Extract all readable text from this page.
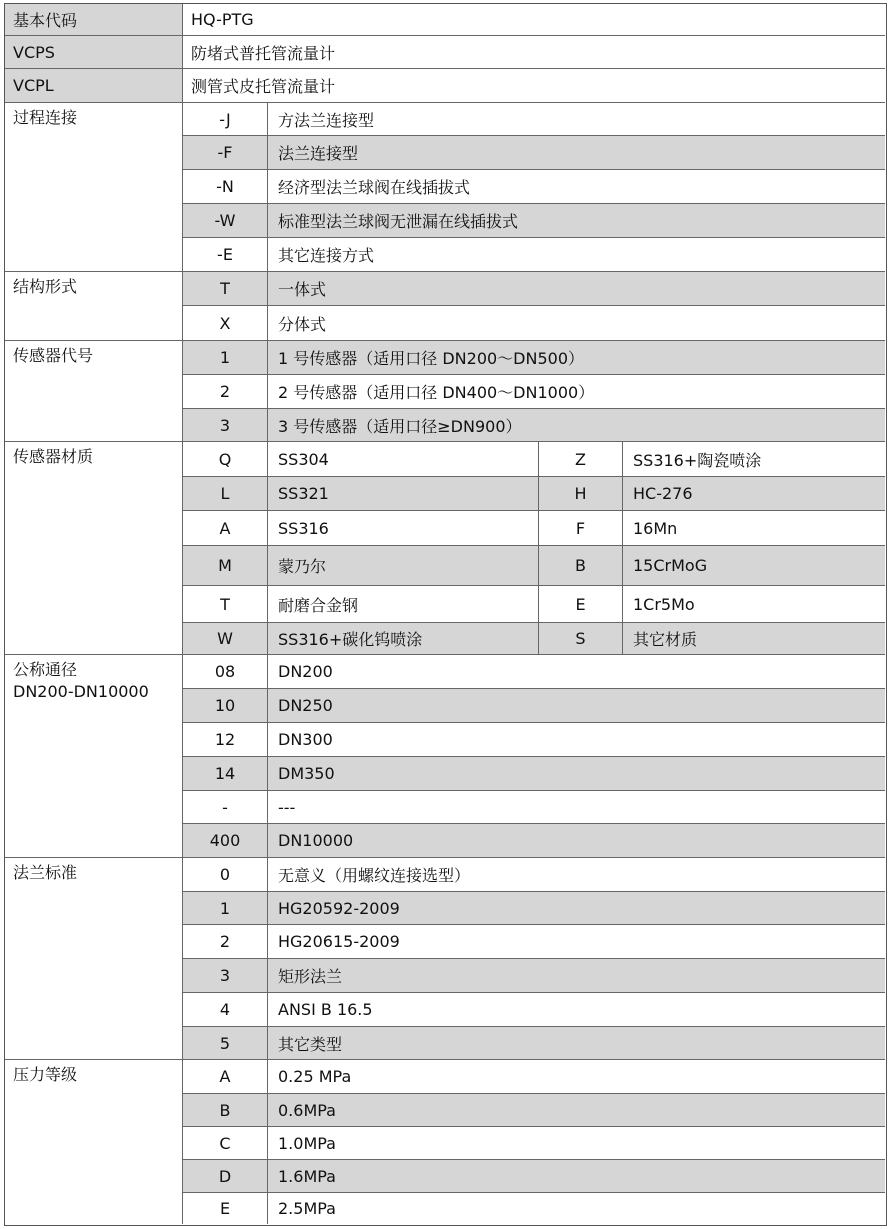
基本代码	HQ-PTG
VCPS	防堵式普托管流量计
VCPL	测管式皮托管流量计
过程连接	-J	方法兰连接型
-F	法兰连接型
-N	经济型法兰球阀在线插拔式
-W	标准型法兰球阀无泄漏在线插拔式
-E	其它连接方式
结构形式	T	一体式
X	分体式
传感器代号	1	1 号传感器（适用口径 DN200～DN500）
2	2 号传感器（适用口径 DN400～DN1000）
3	3 号传感器（适用口径≥DN900）
传感器材质	Q	SS304	Z	SS316+陶瓷喷涂
L	SS321	H	HC-276
A	SS316	F	16Mn
M	蒙乃尔	B	15CrMoG
T	耐磨合金钢	E	1Cr5Mo
W	SS316+碳化钨喷涂	S	其它材质
公称通径
DN200-DN10000
08	DN200
10	DN250
12	DN300
14	DM350
-	---
400	DN10000
法兰标准	0	无意义（用螺纹连接选型）
1	HG20592-2009
2	HG20615-2009
3	矩形法兰
4	ANSI B 16.5
5	其它类型
压力等级	A	0.25 MPa
B	0.6MPa
C	1.0MPa
D	1.6MPa
E	2.5MPa
